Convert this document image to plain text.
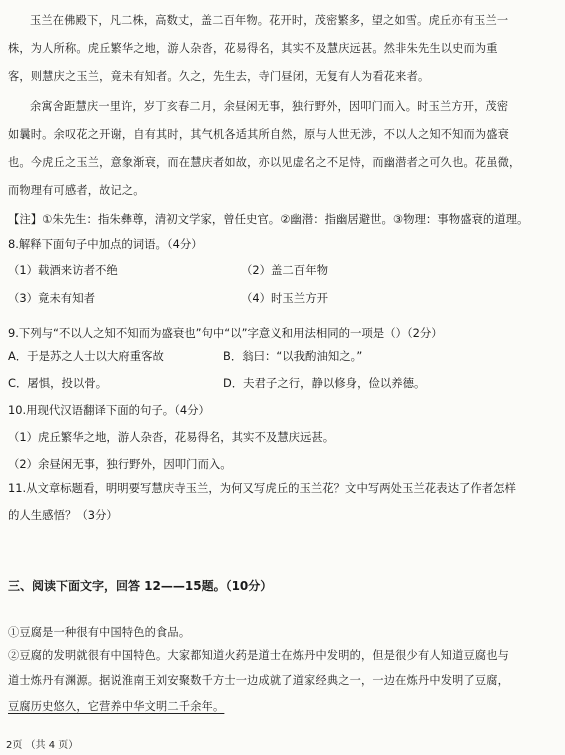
玉兰在佛殿下，凡二株，高数丈，盖二百年物。花开时，茂密繁多，望之如雪。虎丘亦有玉兰一
株，为人所称。虎丘繁华之地，游人杂沓，花易得名，其实不及慧庆远甚。然非朱先生以史而为重
客，则慧庆之玉兰，竟未有知者。久之，先生去，寺门昼闭，无复有人为看花来者。
余寓舍距慧庆一里许，岁丁亥春二月，余昼闲无事，独行野外，因叩门而入。时玉兰方开，茂密
如曩时。余叹花之开谢，自有其时，其气机各适其所自然，原与人世无涉，不以人之知不知而为盛衰
也。今虎丘之玉兰，意象渐衰，而在慧庆者如故，亦以见虚名之不足恃，而幽潜者之可久也。花虽微，
而物理有可感者，故记之。
【注】①朱先生：指朱彝尊，清初文学家，曾任史官。②幽潜：指幽居避世。③物理：事物盛衰的道理。
8.解释下面句子中加点的词语。（4分）
（1）载酒来访者不绝	（2）盖二百年物
（3）竟未有知者	（4）时玉兰方开
9.下列与“不以人之知不知而为盛衰也”句中“以”字意义和用法相同的一项是（）（2分）
A．于是苏之人士以大府重客故	B．翁曰：“以我酌油知之。”
C．屠惧，投以骨。	D．夫君子之行，静以修身，俭以养德。
10.用现代汉语翻译下面的句子。（4分）
（1）虎丘繁华之地，游人杂沓，花易得名，其实不及慧庆远甚。
（2）余昼闲无事，独行野外，因叩门而入。
11.从文章标题看，明明要写慧庆寺玉兰，为何又写虎丘的玉兰花？文中写两处玉兰花表达了作者怎样
的人生感悟？（3分）
三、阅读下面文字，回答 12——15题。（10分）
①豆腐是一种很有中国特色的食品。
②豆腐的发明就很有中国特色。大家都知道火药是道士在炼丹中发明的，但是很少有人知道豆腐也与
道士炼丹有渊源。据说淮南王刘安聚数千方士一边成就了道家经典之一，一边在炼丹中发明了豆腐，
豆腐历史悠久，它营养中华文明二千余年。
2页 （共 4 页）
